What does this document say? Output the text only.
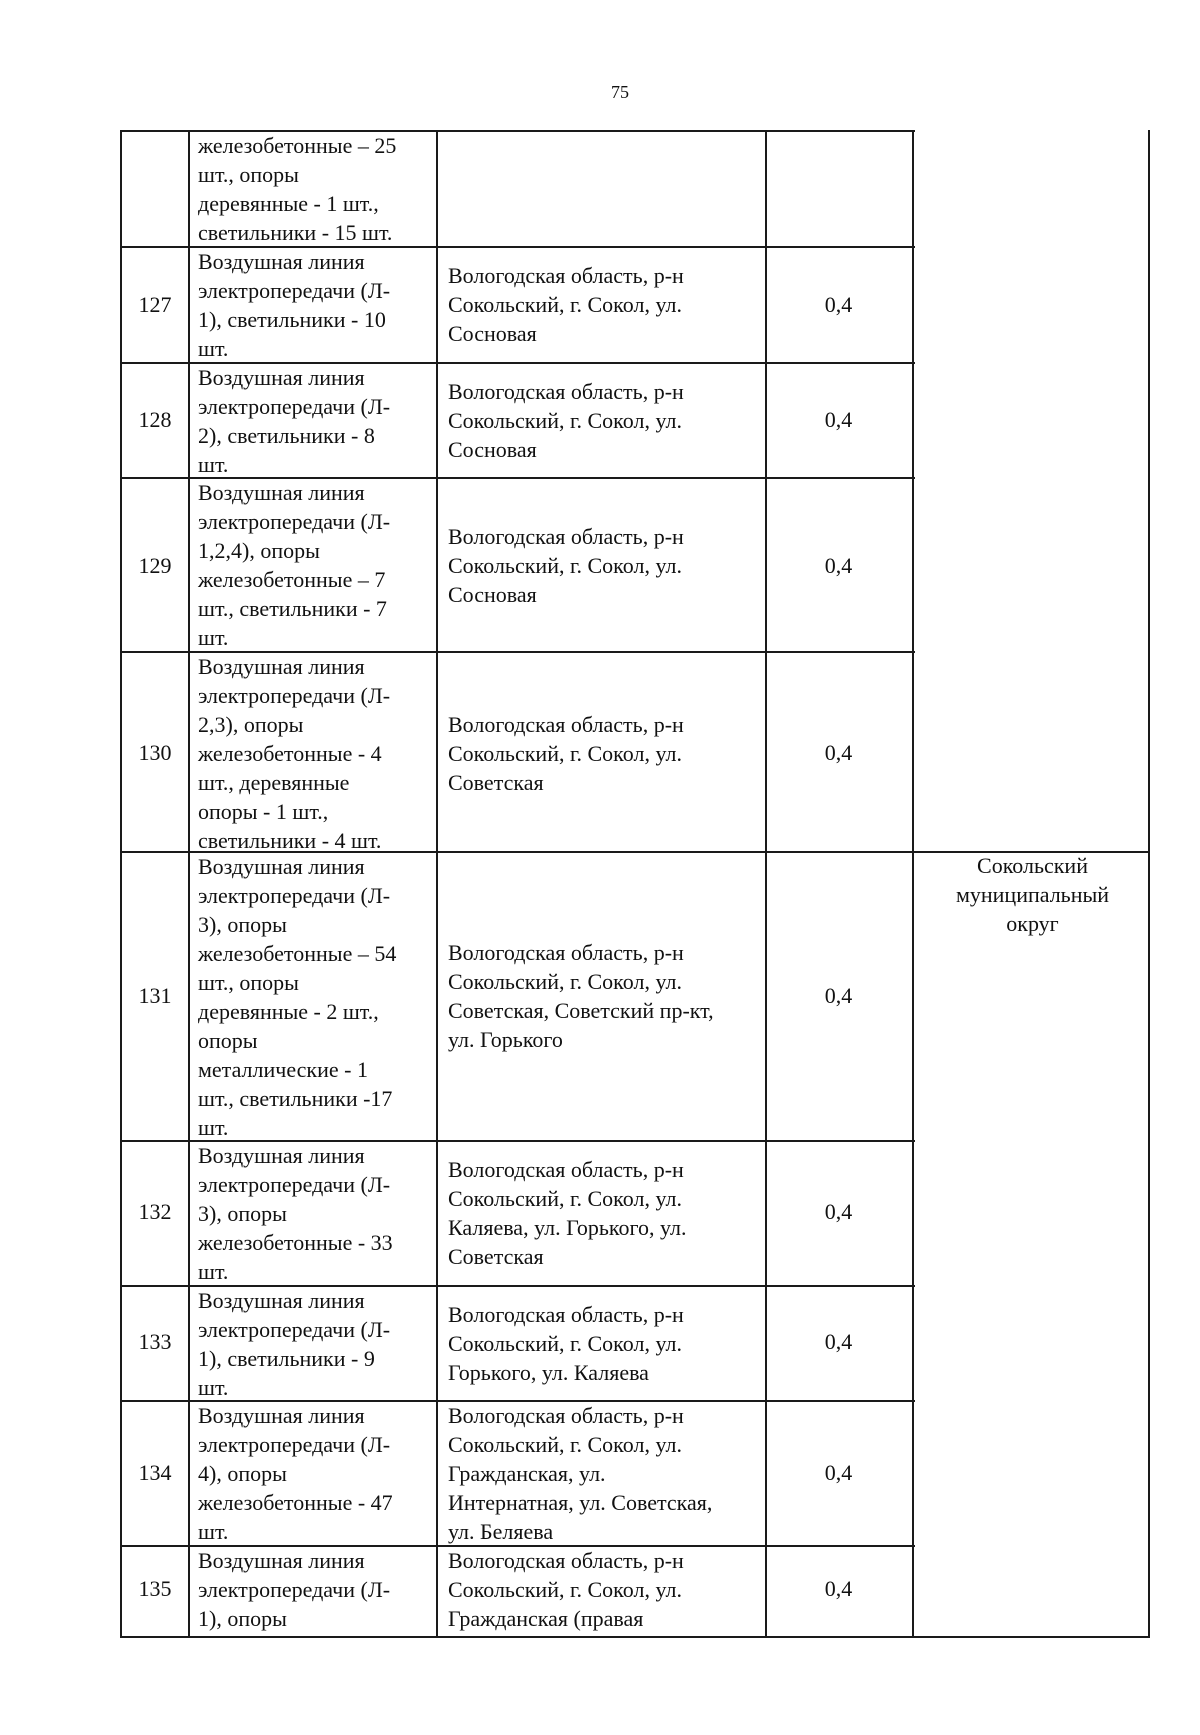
75
железобетонные – 25
шт., опоры
деревянные - 1 шт.,
светильники - 15 шт.
127
Воздушная линия
электропередачи (Л-
1), светильники - 10
шт.
Вологодская область, р-н
Сокольский, г. Сокол, ул.
Сосновая
0,4
128
Воздушная линия
электропередачи (Л-
2), светильники - 8
шт.
Вологодская область, р-н
Сокольский, г. Сокол, ул.
Сосновая
0,4
129
Воздушная линия
электропередачи (Л-
1,2,4), опоры
железобетонные – 7
шт., светильники - 7
шт.
Вологодская область, р-н
Сокольский, г. Сокол, ул.
Сосновая
0,4
130
Воздушная линия
электропередачи (Л-
2,3), опоры
железобетонные - 4
шт., деревянные
опоры - 1 шт.,
светильники - 4 шт.
Вологодская область, р-н
Сокольский, г. Сокол, ул.
Советская
0,4
131
Воздушная линия
электропередачи (Л-
3), опоры
железобетонные – 54
шт., опоры
деревянные - 2 шт.,
опоры
металлические - 1
шт., светильники -17
шт.
Вологодская область, р-н
Сокольский, г. Сокол, ул.
Советская, Советский пр-кт,
ул. Горького
0,4
132
Воздушная линия
электропередачи (Л-
3), опоры
железобетонные - 33
шт.
Вологодская область, р-н
Сокольский, г. Сокол, ул.
Каляева, ул. Горького, ул.
Советская
0,4
133
Воздушная линия
электропередачи (Л-
1), светильники - 9
шт.
Вологодская область, р-н
Сокольский, г. Сокол, ул.
Горького, ул. Каляева
0,4
134
Воздушная линия
электропередачи (Л-
4), опоры
железобетонные - 47
шт.
Вологодская область, р-н
Сокольский, г. Сокол, ул.
Гражданская, ул.
Интернатная, ул. Советская,
ул. Беляева
0,4
135
Воздушная линия
электропередачи (Л-
1), опоры
Вологодская область, р-н
Сокольский, г. Сокол, ул.
Гражданская (правая
0,4
Сокольский
муниципальный
округ
